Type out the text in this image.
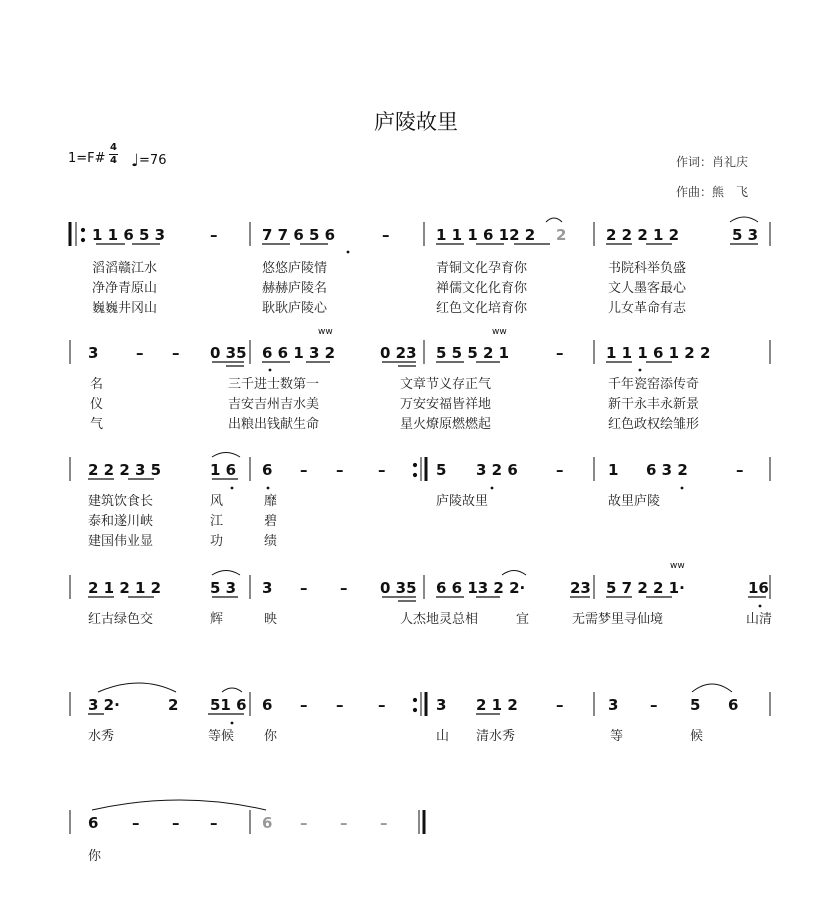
庐陵故里
1=F#
4
4 ♩=76	作词：肖礼庆
作曲：熊　飞
ww	ww
ww
1 1 6 5 3	–	7 7 6 5 6	–	1 1 1 6 12 2 2	2 2 2 1 2	5 3
3	– – 0 35 6 6 1 3 2	0 23 5 5 5 2 1	–	1 1 1 6 1 2 2
2 2 2 3 5	1 6 6 – – –	5 3 2 6	–	1 6 3 2	–
2 1 2 1 2	5 3 3 – – 0 35 6 6 13 2 2·	23 5 7 2 2 1·	16
3 2·	2 51 6 6 – – –	3 2 1 2	–	3 – 5 6
6 – – –	6 – – –
滔滔赣江水	悠悠庐陵情	青铜文化孕育你	书院科举负盛
净净青原山	赫赫庐陵名	禅儒文化化育你	文人墨客最心
巍巍井冈山	耿耿庐陵心	红色文化培育你	儿女革命有志
名	三千进士数第一	文章节义存正气	千年瓷窑添传奇
仪	吉安吉州吉水美	万安安福皆祥地	新干永丰永新景
气	出粮出钱献生命	星火燎原燃燃起	红色政权绘雏形
建筑饮食长	风	靡	庐陵故里	故里庐陵
泰和遂川峡	江	碧
建国伟业显	功	绩
红古绿色交	辉	映	人杰地灵总相	宜	无需梦里寻仙境	山清
水秀	等候 你	山 清水秀	等	候
你
